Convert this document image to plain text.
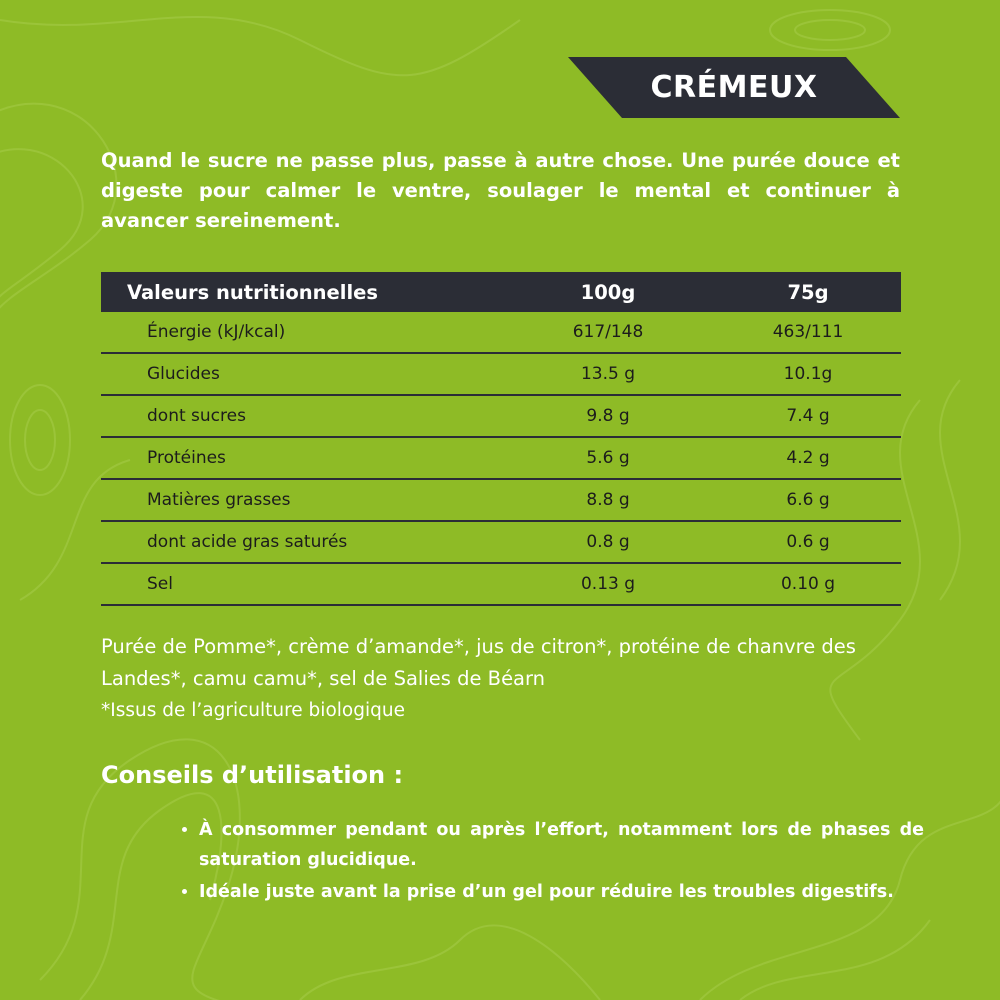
CRÉMEUX

Quand le sucre ne passe plus, passe à autre chose. Une purée douce et digeste pour calmer le ventre, soulager le mental et continuer à avancer sereinement.

Valeurs nutritionnelles	100g	75g
Énergie (kJ/kcal)	617/148	463/111
Glucides	13.5 g	10.1g
dont sucres	9.8 g	7.4 g
Protéines	5.6 g	4.2 g
Matières grasses	8.8 g	6.6 g
dont acide gras saturés	0.8 g	0.6 g
Sel	0.13 g	0.10 g

Purée de Pomme*, crème d’amande*, jus de citron*, protéine de chanvre des Landes*, camu camu*, sel de Salies de Béarn
*Issus de l’agriculture biologique

Conseils d’utilisation :
• À consommer pendant ou après l’effort, notamment lors de phases de saturation glucidique.
• Idéale juste avant la prise d’un gel pour réduire les troubles digestifs.
